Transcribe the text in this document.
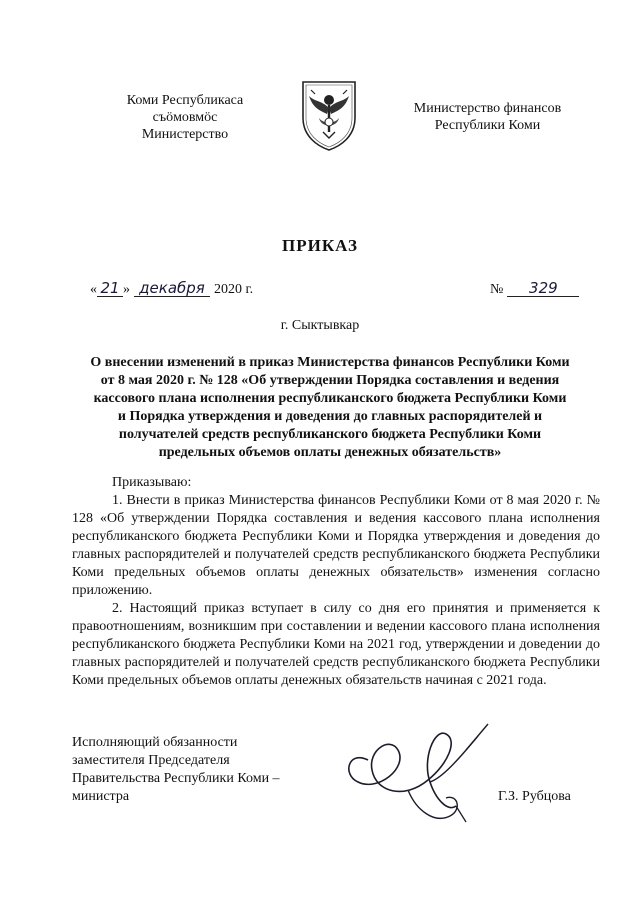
Коми Республикаса
съӧмовмӧс
Министерство
Министерство финансов
Республики Коми
ПРИКАЗ
« 21 » декабря 2020 г.	№ 329
г. Сыктывкар
О внесении изменений в приказ Министерства финансов Республики Коми
от 8 мая 2020 г. № 128 «Об утверждении Порядка составления и ведения
кассового плана исполнения республиканского бюджета Республики Коми
и Порядка утверждения и доведения до главных распорядителей и
получателей средств республиканского бюджета Республики Коми
предельных объемов оплаты денежных обязательств»

Приказываю:

1. Внести в приказ Министерства финансов Республики Коми от 8 мая 2020 г. № 128 «Об утверждении Порядка составления и ведения кассового плана исполнения республиканского бюджета Республики Коми и Порядка утверждения и доведения до главных распорядителей и получателей средств республиканского бюджета Республики Коми предельных объемов оплаты денежных обязательств» изменения согласно приложению.

2. Настоящий приказ вступает в силу со дня его принятия и применяется к правоотношениям, возникшим при составлении и ведении кассового плана исполнения республиканского бюджета Республики Коми на 2021 год, утверждении и доведении до главных распорядителей и получателей средств республиканского бюджета Республики Коми предельных объемов оплаты денежных обязательств начиная с 2021 года.

Исполняющий обязанности
заместителя Председателя
Правительства Республики Коми –
министра	Г.З. Рубцова
